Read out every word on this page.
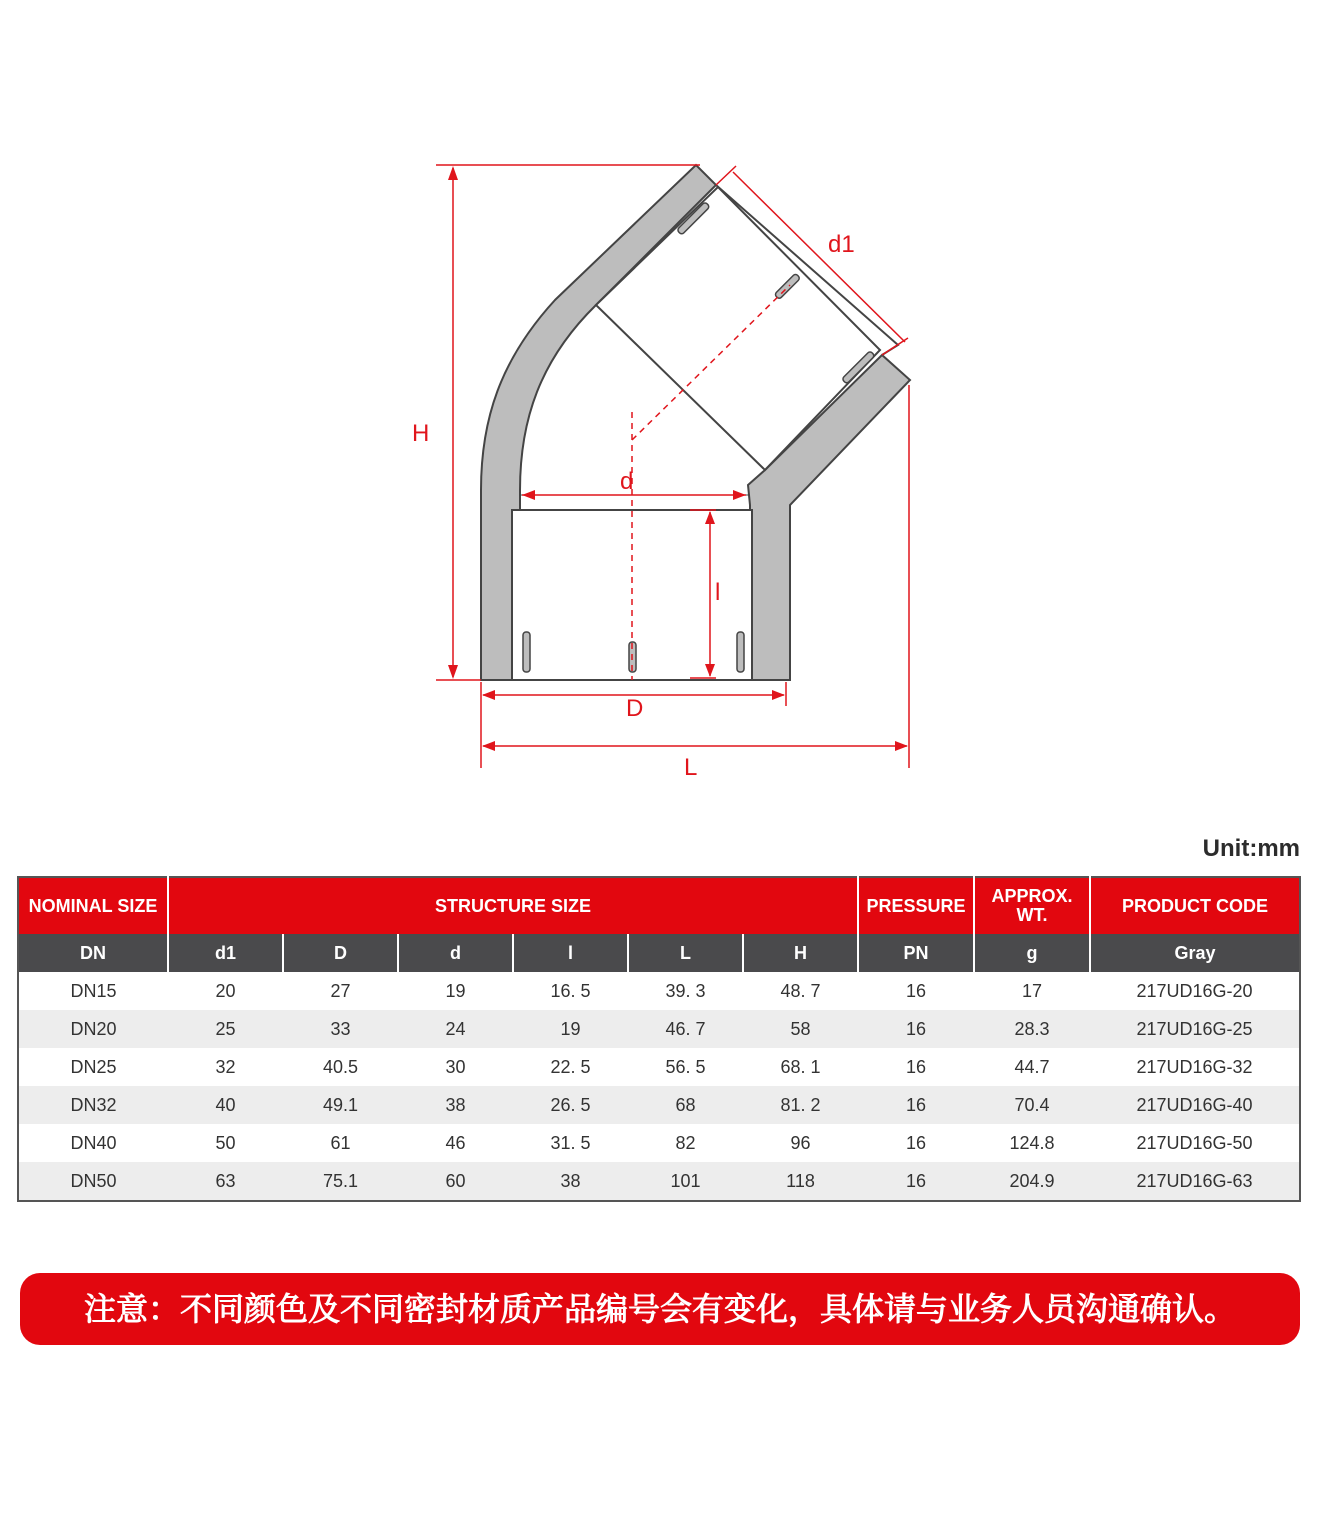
H
d1
d
l
D
L
Unit:mm
NOMINAL SIZE	STRUCTURE SIZE						PRESSURE	APPROX. WT.	PRODUCT CODE
DN	d1	D	d	l	L	H	PN	g	Gray
DN15	20	27	19	16. 5	39. 3	48. 7	16	17	217UD16G-20
DN20	25	33	24	19	46. 7	58	16	28.3	217UD16G-25
DN25	32	40.5	30	22. 5	56. 5	68. 1	16	44.7	217UD16G-32
DN32	40	49.1	38	26. 5	68	81. 2	16	70.4	217UD16G-40
DN40	50	61	46	31. 5	82	96	16	124.8	217UD16G-50
DN50	63	75.1	60	38	101	118	16	204.9	217UD16G-63
注意：不同颜色及不同密封材质产品编号会有变化，具体请与业务人员沟通确认。
